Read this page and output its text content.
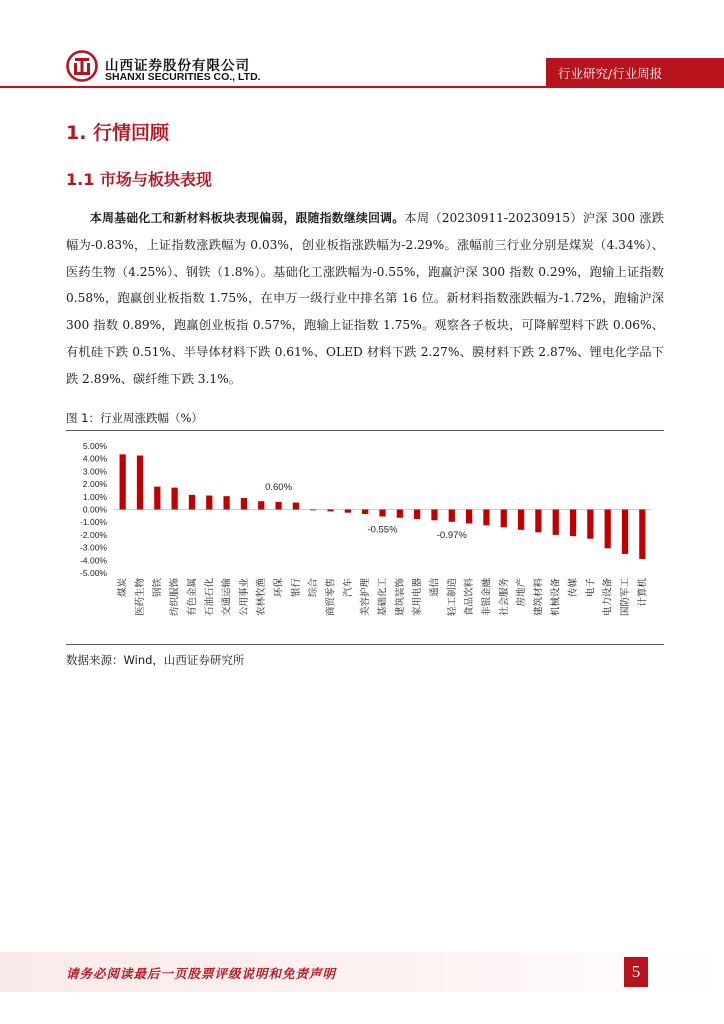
山西证券股份有限公司
SHANXI SECURITIES CO., LTD.	行业研究/行业周报
1. 行情回顾
1.1 市场与板块表现
本周基础化工和新材料板块表现偏弱，跟随指数继续回调。本周（20230911-20230915）沪深 300 涨跌幅为-0.83%，上证指数涨跌幅为 0.03%，创业板指涨跌幅为-2.29%。涨幅前三行业分别是煤炭（4.34%）、医药生物（4.25%）、钢铁（1.8%）。基础化工涨跌幅为-0.55%，跑赢沪深 300 指数 0.29%，跑输上证指数 0.58%，跑赢创业板指数 1.75%，在申万一级行业中排名第 16 位。新材料指数涨跌幅为-1.72%，跑输沪深 300 指数 0.89%，跑赢创业板指 0.57%，跑输上证指数 1.75%。观察各子板块，可降解塑料下跌 0.06%、有机硅下跌 0.51%、半导体材料下跌 0.61%、OLED 材料下跌 2.27%、膜材料下跌 2.87%、锂电化学品下跌 2.89%、碳纤维下跌 3.1%。
图 1：行业周涨跌幅（%）
5.00%
4.00%
3.00%
2.00%
1.00%
0.00%
-1.00%
-2.00%
-3.00%
-4.00%
-5.00%
煤炭 医药生物 钢铁 纺织服饰 有色金属 石油石化 交通运输 公用事业 农林牧渔 环保 银行 综合 商贸零售 汽车 美容护理 基础化工 建筑装饰 家用电器 通信 轻工制造 食品饮料 非银金融 社会服务 房地产 建筑材料 机械设备 传媒 电子 电力设备 国防军工 计算机
0.60%
-0.55%	-0.97%
数据来源：Wind，山西证券研究所
请务必阅读最后一页股票评级说明和免责声明	5
